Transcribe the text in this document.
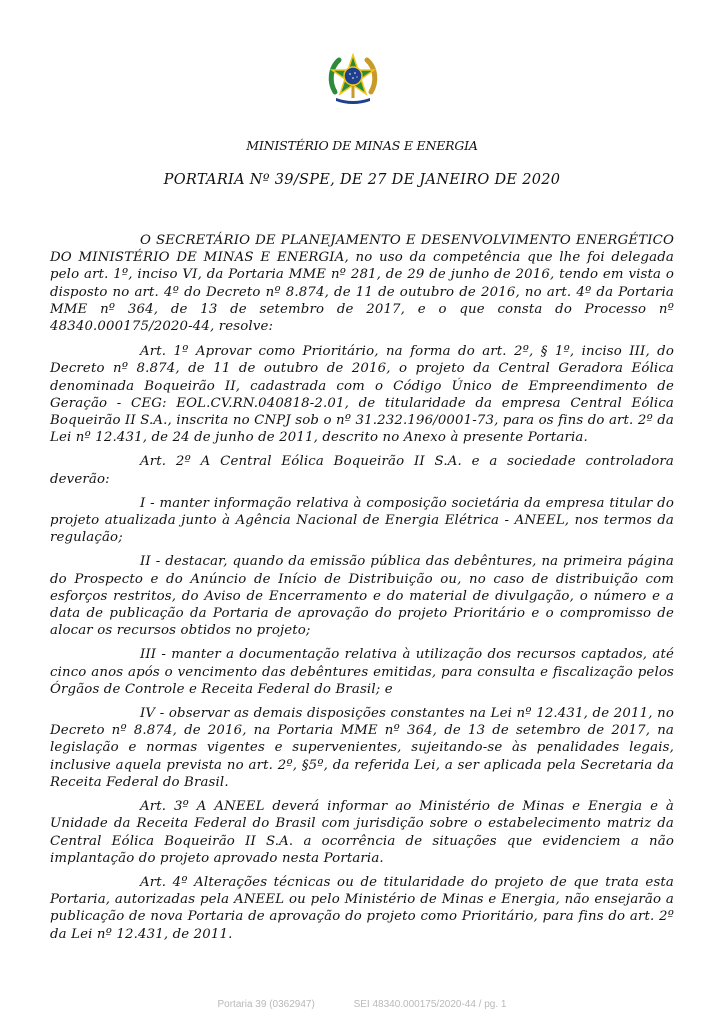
MINISTÉRIO DE MINAS E ENERGIA
PORTARIA Nº 39/SPE, DE 27 DE JANEIRO DE 2020

O SECRETÁRIO DE PLANEJAMENTO E DESENVOLVIMENTO ENERGÉTICO DO MINISTÉRIO DE MINAS E ENERGIA, no uso da competência que lhe foi delegada pelo art. 1º, inciso VI, da Portaria MME nº 281, de 29 de junho de 2016, tendo em vista o disposto no art. 4º do Decreto nº 8.874, de 11 de outubro de 2016, no art. 4º da Portaria MME nº 364, de 13 de setembro de 2017, e o que consta do Processo nº 48340.000175/2020-44, resolve:

Art. 1º Aprovar como Prioritário, na forma do art. 2º, § 1º, inciso III, do Decreto nº 8.874, de 11 de outubro de 2016, o projeto da Central Geradora Eólica denominada Boqueirão II, cadastrada com o Código Único de Empreendimento de Geração - CEG: EOL.CV.RN.040818-2.01, de titularidade da empresa Central Eólica Boqueirão II S.A., inscrita no CNPJ sob o nº 31.232.196/0001-73, para os fins do art. 2º da Lei nº 12.431, de 24 de junho de 2011, descrito no Anexo à presente Portaria.

Art. 2º A Central Eólica Boqueirão II S.A. e a sociedade controladora deverão:

I - manter informação relativa à composição societária da empresa titular do projeto atualizada junto à Agência Nacional de Energia Elétrica - ANEEL, nos termos da regulação;

II - destacar, quando da emissão pública das debêntures, na primeira página do Prospecto e do Anúncio de Início de Distribuição ou, no caso de distribuição com esforços restritos, do Aviso de Encerramento e do material de divulgação, o número e a data de publicação da Portaria de aprovação do projeto Prioritário e o compromisso de alocar os recursos obtidos no projeto;

III - manter a documentação relativa à utilização dos recursos captados, até cinco anos após o vencimento das debêntures emitidas, para consulta e fiscalização pelos Órgãos de Controle e Receita Federal do Brasil; e

IV - observar as demais disposições constantes na Lei nº 12.431, de 2011, no Decreto nº 8.874, de 2016, na Portaria MME nº 364, de 13 de setembro de 2017, na legislação e normas vigentes e supervenientes, sujeitando-se às penalidades legais, inclusive aquela prevista no art. 2º, §5º, da referida Lei, a ser aplicada pela Secretaria da Receita Federal do Brasil.

Art. 3º A ANEEL deverá informar ao Ministério de Minas e Energia e à Unidade da Receita Federal do Brasil com jurisdição sobre o estabelecimento matriz da Central Eólica Boqueirão II S.A. a ocorrência de situações que evidenciem a não implantação do projeto aprovado nesta Portaria.

Art. 4º Alterações técnicas ou de titularidade do projeto de que trata esta Portaria, autorizadas pela ANEEL ou pelo Ministério de Minas e Energia, não ensejarão a publicação de nova Portaria de aprovação do projeto como Prioritário, para fins do art. 2º da Lei nº 12.431, de 2011.

Portaria 39 (0362947)	SEI 48340.000175/2020-44 / pg. 1
